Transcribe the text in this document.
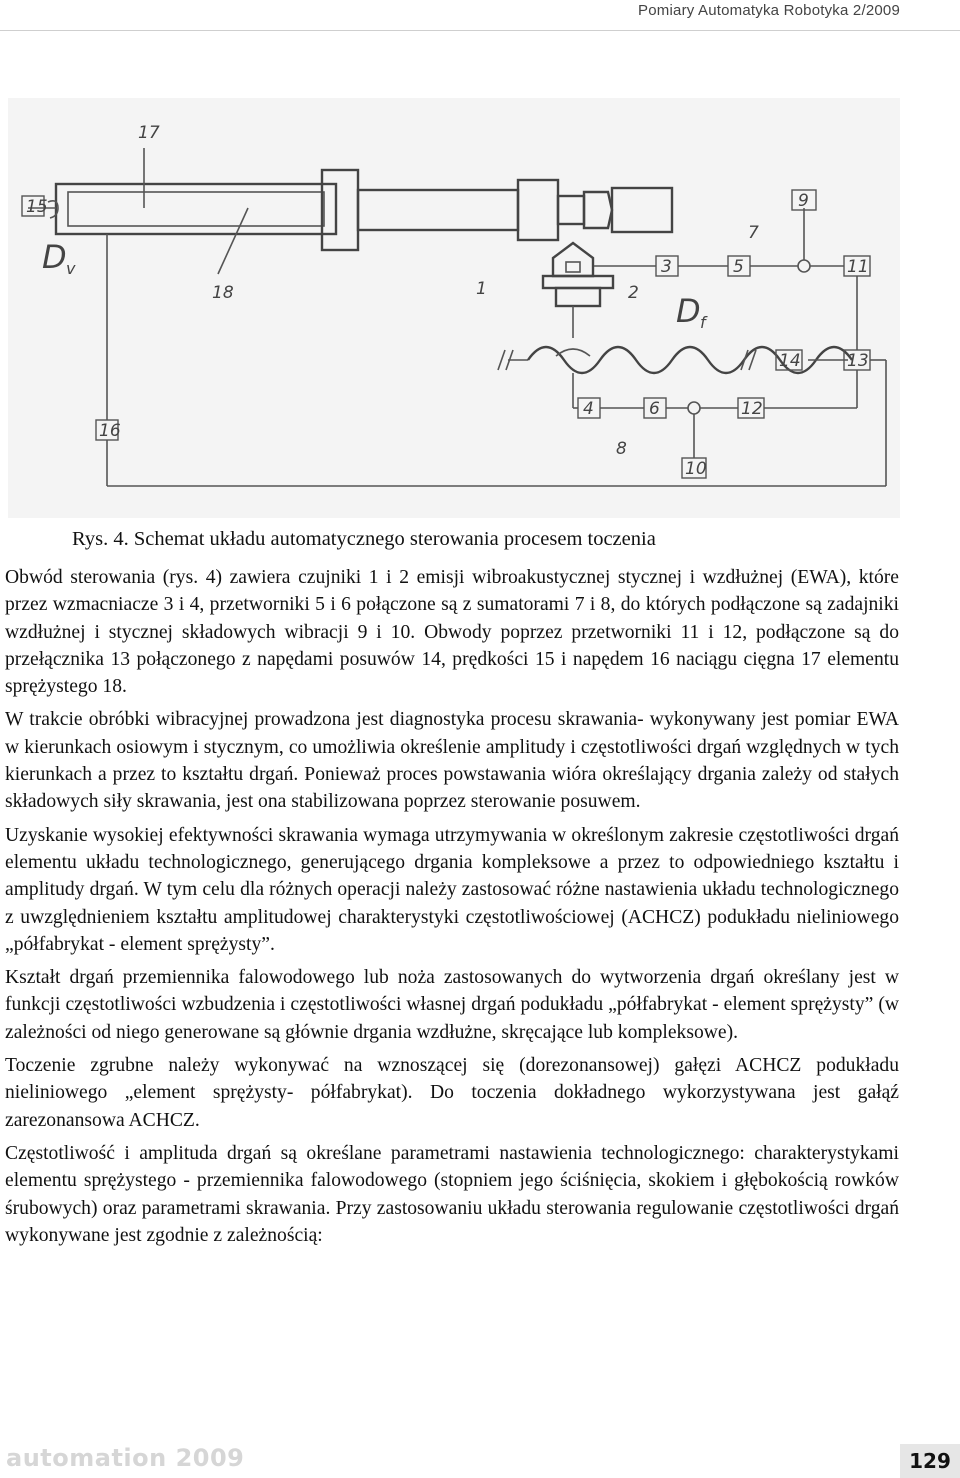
Pomiary Automatyka Robotyka 2/2009
15
17
D v
18	1	2 D f
3	5
7
9
11
14	13
4	6	12
8
10
16
Rys. 4. Schemat układu automatycznego sterowania procesem toczenia

Obwód sterowania (rys. 4) zawiera czujniki 1 i 2 emisji wibroakustycznej stycznej i wzdłużnej (EWA), które przez wzmacniacze 3 i 4, przetworniki 5 i 6 połączone są z sumatorami 7 i 8, do których podłączone są zadajniki wzdłużnej i stycznej składowych wibracji 9 i 10. Obwody poprzez przetworniki 11 i 12, podłączone są do przełącznika 13 połączonego z napędami posuwów 14, prędkości 15 i napędem 16 naciągu cięgna 17 elementu sprężystego 18.

W trakcie obróbki wibracyjnej prowadzona jest diagnostyka procesu skrawania- wykonywany jest pomiar EWA w kierunkach osiowym i stycznym, co umożliwia określenie amplitudy i częstotliwości drgań względnych w tych kierunkach a przez to kształtu drgań. Ponieważ proces powstawania wióra określający drgania zależy od stałych składowych siły skrawania, jest ona stabilizowana poprzez sterowanie posuwem.

Uzyskanie wysokiej efektywności skrawania wymaga utrzymywania w określonym zakresie częstotliwości drgań elementu układu technologicznego, generującego drgania kompleksowe a przez to odpowiedniego kształtu i amplitudy drgań. W tym celu dla różnych operacji należy zastosować różne nastawienia układu technologicznego z uwzględnieniem kształtu amplitudowej charakterystyki częstotliwościowej (ACHCZ) podukładu nieliniowego „półfabrykat - element sprężysty”.

Kształt drgań przemiennika falowodowego lub noża zastosowanych do wytworzenia drgań określany jest w funkcji częstotliwości wzbudzenia i częstotliwości własnej drgań podukładu „półfabrykat - element sprężysty” (w zależności od niego generowane są głównie drgania wzdłużne, skręcające lub kompleksowe).

Toczenie zgrubne należy wykonywać na wznoszącej się (dorezonansowej) gałęzi ACHCZ podukładu nieliniowego „element sprężysty- półfabrykat). Do toczenia dokładnego wykorzystywana jest gałąź zarezonansowa ACHCZ.

Częstotliwość i amplituda drgań są określane parametrami nastawienia technologicznego: charakterystykami elementu sprężystego - przemiennika falowodowego (stopniem jego ściśnięcia, skokiem i głębokością rowków śrubowych) oraz parametrami skrawania. Przy zastosowaniu układu sterowania regulowanie częstotliwości drgań wykonywane jest zgodnie z zależnością:

automation 2009	129
